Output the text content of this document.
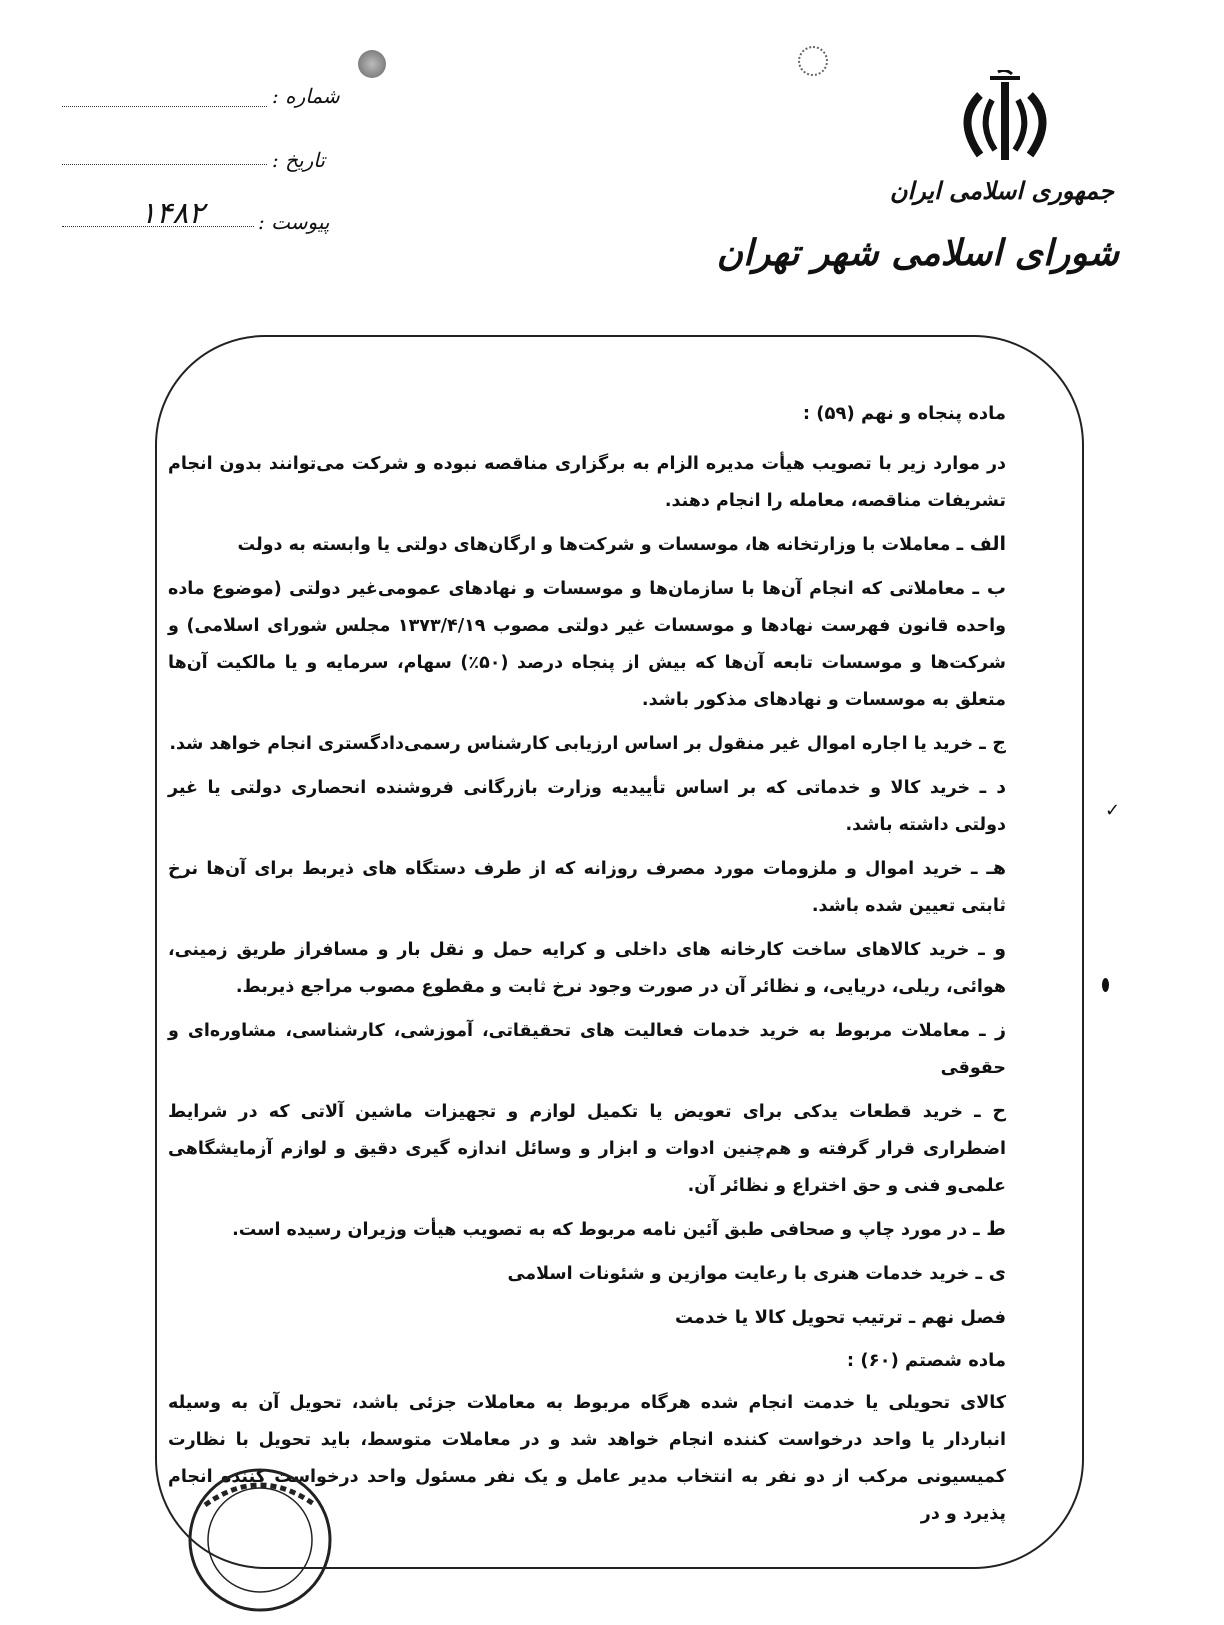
شماره :
تاریخ :
پیوست :
۱۴۸۲
جمهوری اسلامی ایران
شورای اسلامی شهر تهران

ماده پنجاه و نهم (۵۹) :

در موارد زیر با تصویب هیأت مدیره الزام به برگزاری مناقصه نبوده و شرکت می‌توانند بدون انجام تشریفات مناقصه، معامله را انجام دهند.

الف ـ معاملات با وزارتخانه ها، موسسات و شرکت‌ها و ارگان‌های دولتی یا وابسته به دولت

ب ـ معاملاتی که انجام آن‌ها با سازمان‌ها و موسسات و نهادهای عمومی‌غیر دولتی (موضوع ماده واحده قانون فهرست نهادها و موسسات غیر دولتی مصوب ۱۳۷۳/۴/۱۹ مجلس شورای اسلامی) و شرکت‌ها و موسسات تابعه آن‌ها که بیش از پنجاه درصد (۵۰٪) سهام، سرمایه و یا مالکیت آن‌ها متعلق به موسسات و نهادهای مذکور باشد.

ج ـ خرید یا اجاره اموال غیر منقول بر اساس ارزیابی کارشناس رسمی‌دادگستری انجام خواهد شد.

د ـ خرید کالا و خدماتی که بر اساس تأییدیه وزارت بازرگانی فروشنده انحصاری دولتی یا غیر دولتی داشته باشد.

هـ ـ خرید اموال و ملزومات مورد مصرف روزانه که از طرف دستگاه های ذیربط برای آن‌ها نرخ ثابتی تعیین شده باشد.

و ـ خرید کالاهای ساخت کارخانه های داخلی و کرایه حمل و نقل بار و مسافراز طریق زمینی، هوائی، ریلی، دریایی، و نظائر آن در صورت وجود نرخ ثابت و مقطوع مصوب مراجع ذیربط.

ز ـ معاملات مربوط به خرید خدمات فعالیت های تحقیقاتی، آموزشی، کارشناسی، مشاوره‌ای و حقوقی

ح ـ خرید قطعات یدکی برای تعویض یا تکمیل لوازم و تجهیزات ماشین آلاتی که در شرایط اضطراری قرار گرفته و هم‌چنین ادوات و ابزار و وسائل اندازه گیری دقیق و لوازم آزمایشگاهی علمی‌و فنی و حق اختراع و نظائر آن.

ط ـ در مورد چاپ و صحافی طبق آئین نامه مربوط که به تصویب هیأت وزیران رسیده است.

ی ـ خرید خدمات هنری با رعایت موازین و شئونات اسلامی

فصل نهم ـ ترتیب تحویل کالا یا خدمت

ماده شصتم (۶۰) :

کالای تحویلی یا خدمت انجام شده هرگاه مربوط به معاملات جزئی باشد، تحویل آن به وسیله انباردار یا واحد درخواست کننده انجام خواهد شد و در معاملات متوسط، باید تحویل با نظارت کمیسیونی مرکب از دو نفر به انتخاب مدیر عامل و یک نفر مسئول واحد درخواست کننده انجام پذیرد و در

✓
